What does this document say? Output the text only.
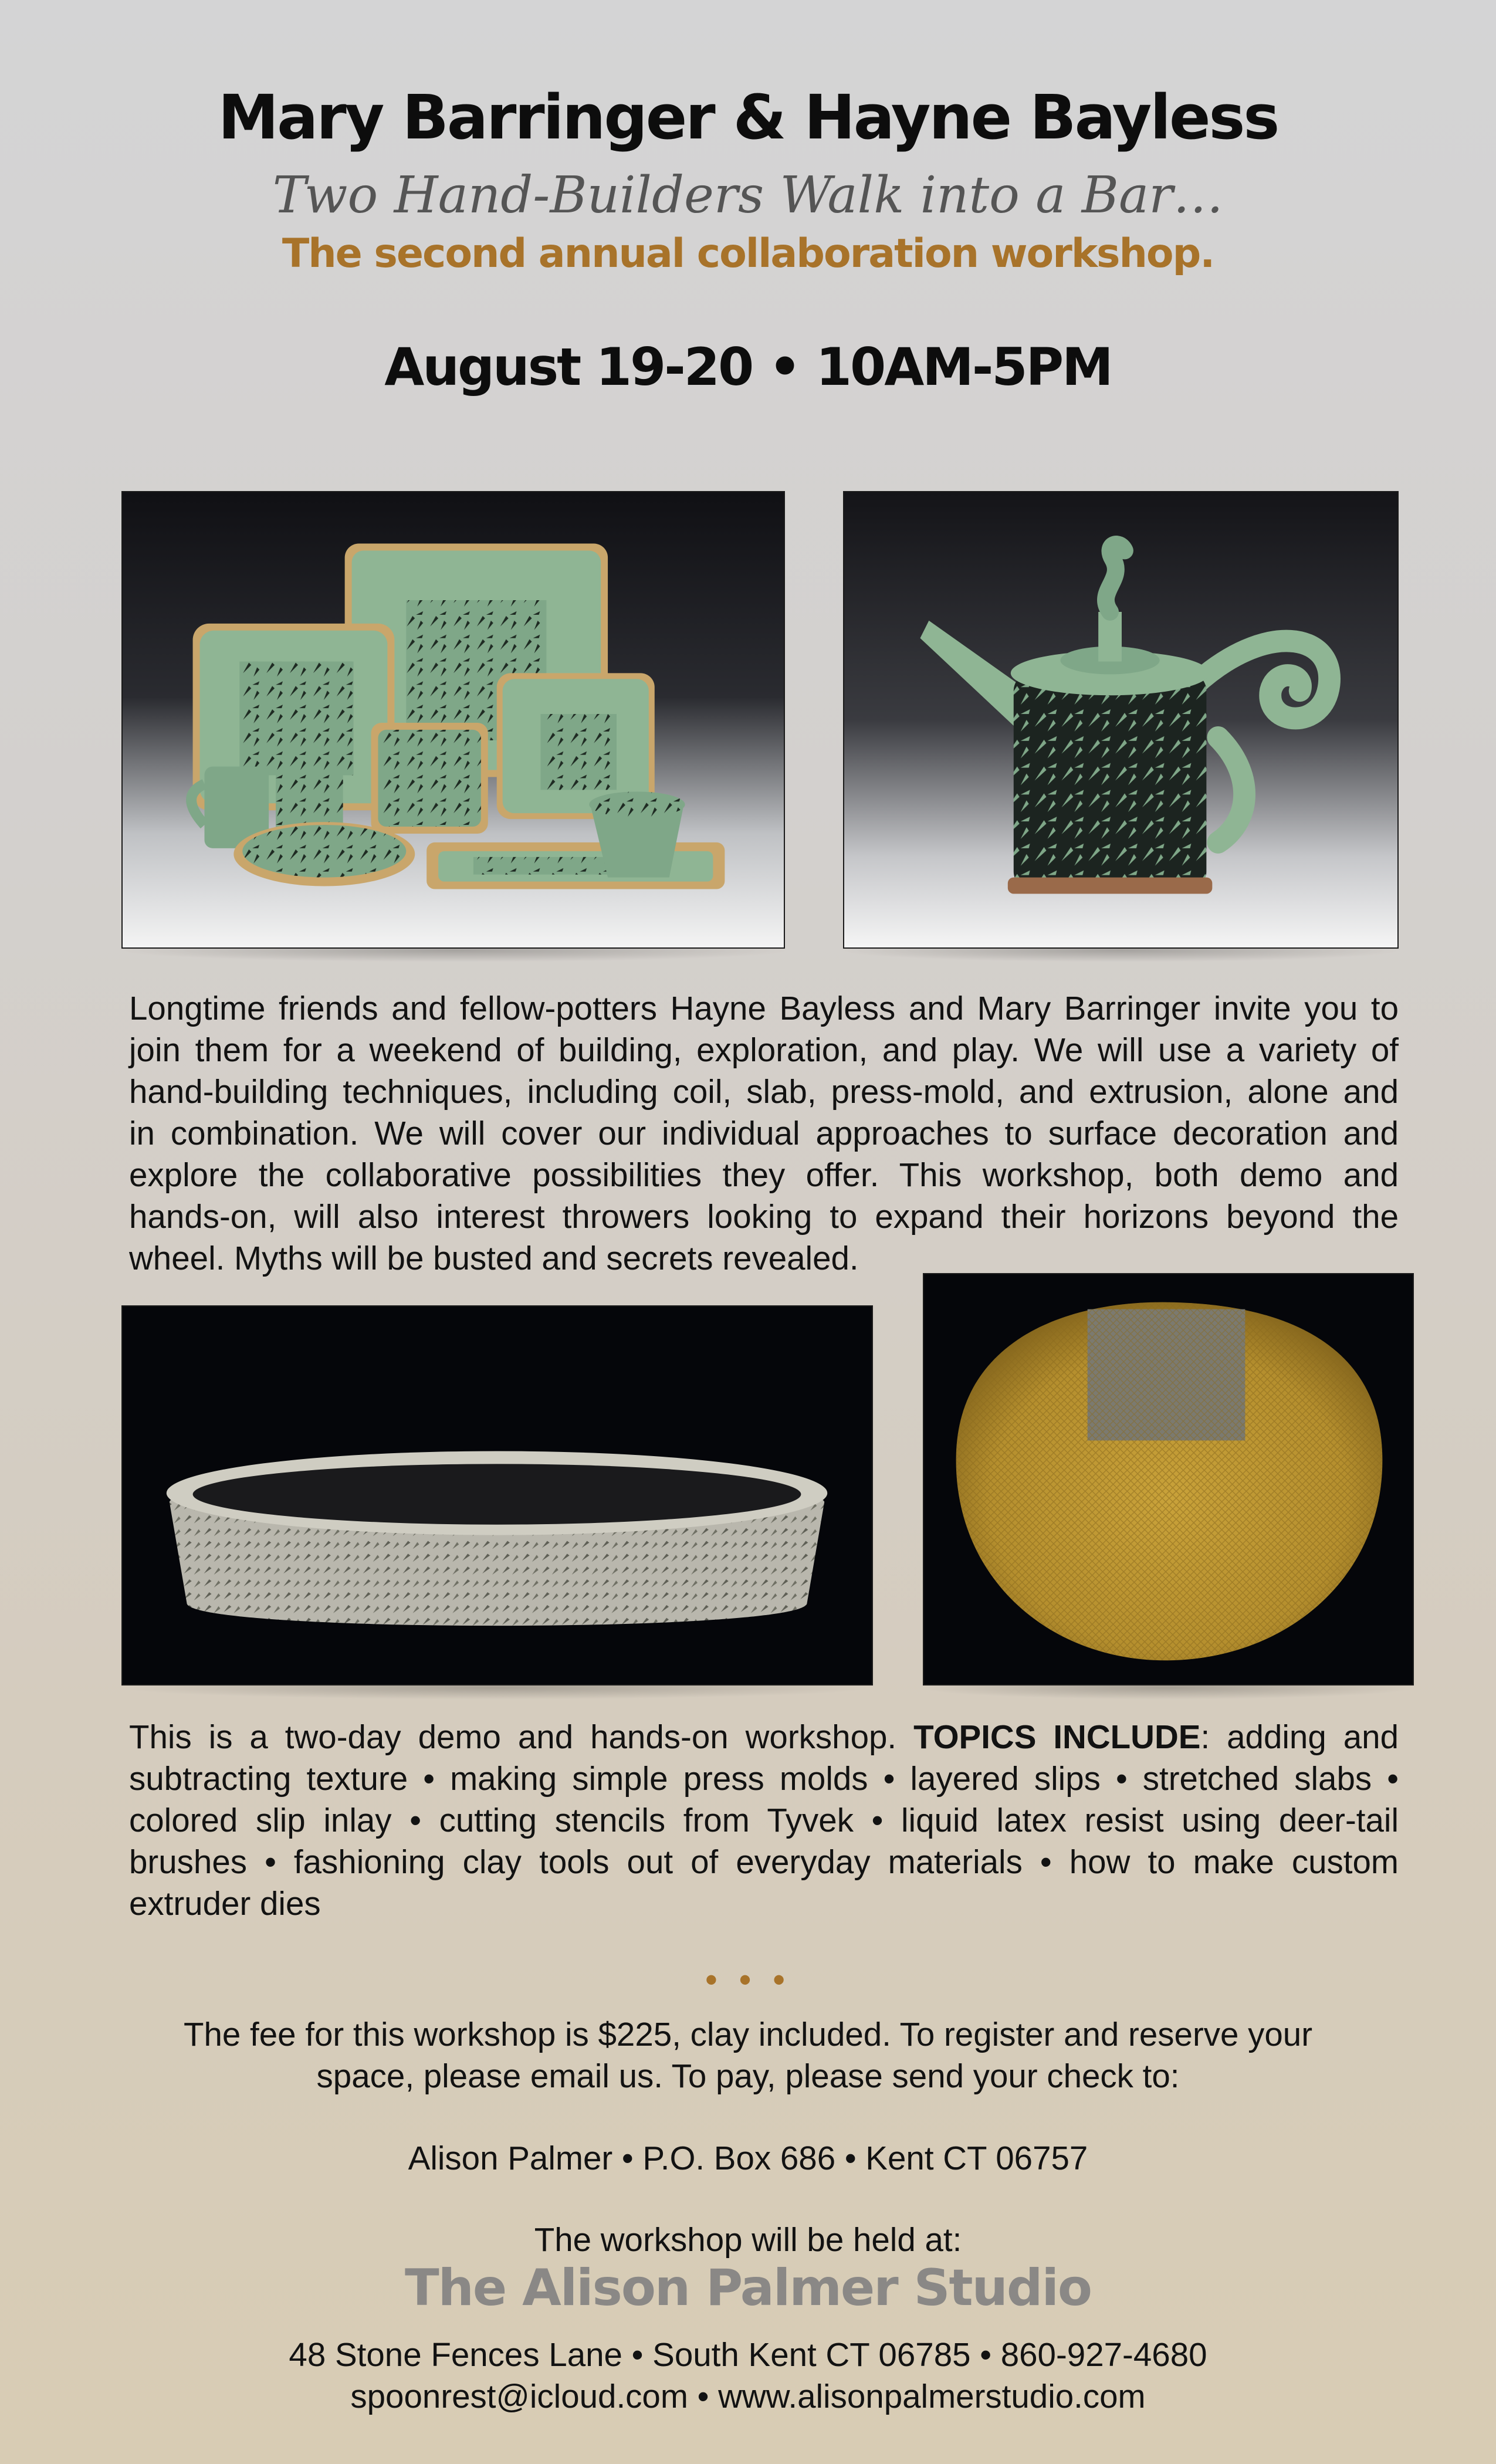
Mary Barringer & Hayne Bayless
Two Hand-Builders Walk into a Bar…
The second annual collaboration workshop.
August 19-20 • 10AM-5PM
Longtime friends and fellow-potters Hayne Bayless and Mary Barringer invite you to
join them for a weekend of building, exploration, and play. We will use a variety of
hand-building techniques, including coil, slab, press-mold, and extrusion, alone and
in combination. We will cover our individual approaches to surface decoration and
explore the collaborative possibilities they offer. This workshop, both demo and
hands-on, will also interest throwers looking to expand their horizons beyond the
wheel. Myths will be busted and secrets revealed.
This is a two-day demo and hands-on workshop. TOPICS INCLUDE: adding and
subtracting texture • making simple press molds • layered slips • stretched slabs •
colored slip inlay • cutting stencils from Tyvek • liquid latex resist using deer-tail
brushes • fashioning clay tools out of everyday materials • how to make custom
extruder dies
• • •
The fee for this workshop is $225, clay included. To register and reserve your
space, please email us. To pay, please send your check to:
Alison Palmer • P.O. Box 686 • Kent CT 06757
The workshop will be held at:
The Alison Palmer Studio
48 Stone Fences Lane • South Kent CT 06785 • 860-927-4680
spoonrest@icloud.com • www.alisonpalmerstudio.com
